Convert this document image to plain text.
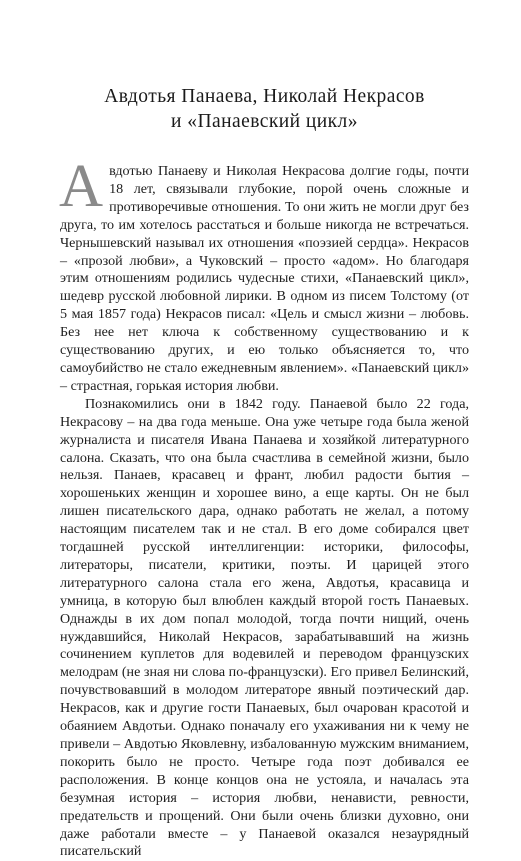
Авдотья Панаева, Николай Некрасов
и «Панаевский цикл»

Авдотью Панаеву и Николая Некрасова долгие годы, почти 18 лет, связывали глубокие, порой очень сложные и противоречивые отношения. То они жить не могли друг без друга, то им хотелось расстаться и больше никогда не встречаться. Чернышевский называл их отношения «поэзией сердца». Некрасов – «прозой любви», а Чуковский – просто «адом». Но благодаря этим отношениям родились чудесные стихи, «Панаевский цикл», шедевр русской любовной лирики. В одном из писем Толстому (от 5 мая 1857 года) Некрасов писал: «Цель и смысл жизни – любовь. Без нее нет ключа к собственному существованию и к существованию других, и ею только объясняется то, что самоубийство не стало ежедневным явлением». «Панаевский цикл» – страстная, горькая история любви.

Познакомились они в 1842 году. Панаевой было 22 года, Некрасову – на два года меньше. Она уже четыре года была женой журналиста и писателя Ивана Панаева и хозяйкой литературного салона. Сказать, что она была счастлива в семейной жизни, было нельзя. Панаев, красавец и франт, любил радости бытия – хорошеньких женщин и хорошее вино, а еще карты. Он не был лишен писательского дара, однако работать не желал, а потому настоящим писателем так и не стал. В его доме собирался цвет тогдашней русской интеллигенции: историки, философы, литераторы, писатели, критики, поэты. И царицей этого литературного салона стала его жена, Авдотья, красавица и умница, в которую был влюблен каждый второй гость Панаевых. Однажды в их дом попал молодой, тогда почти нищий, очень нуждавшийся, Николай Некрасов, зарабатывавший на жизнь сочинением куплетов для водевилей и переводом французских мелодрам (не зная ни слова по-французски). Его привел Белинский, почувствовавший в молодом литераторе явный поэтический дар. Некрасов, как и другие гости Панаевых, был очарован красотой и обаянием Авдотьи. Однако поначалу его ухаживания ни к чему не привели – Авдотью Яковлевну, избалованную мужским вниманием, покорить было не просто. Четыре года поэт добивался ее расположения. В конце концов она не устояла, и началась эта безумная история – история любви, ненависти, ревности, предательств и прощений. Они были очень близки духовно, они даже работали вместе – у Панаевой оказался незаурядный писательский
